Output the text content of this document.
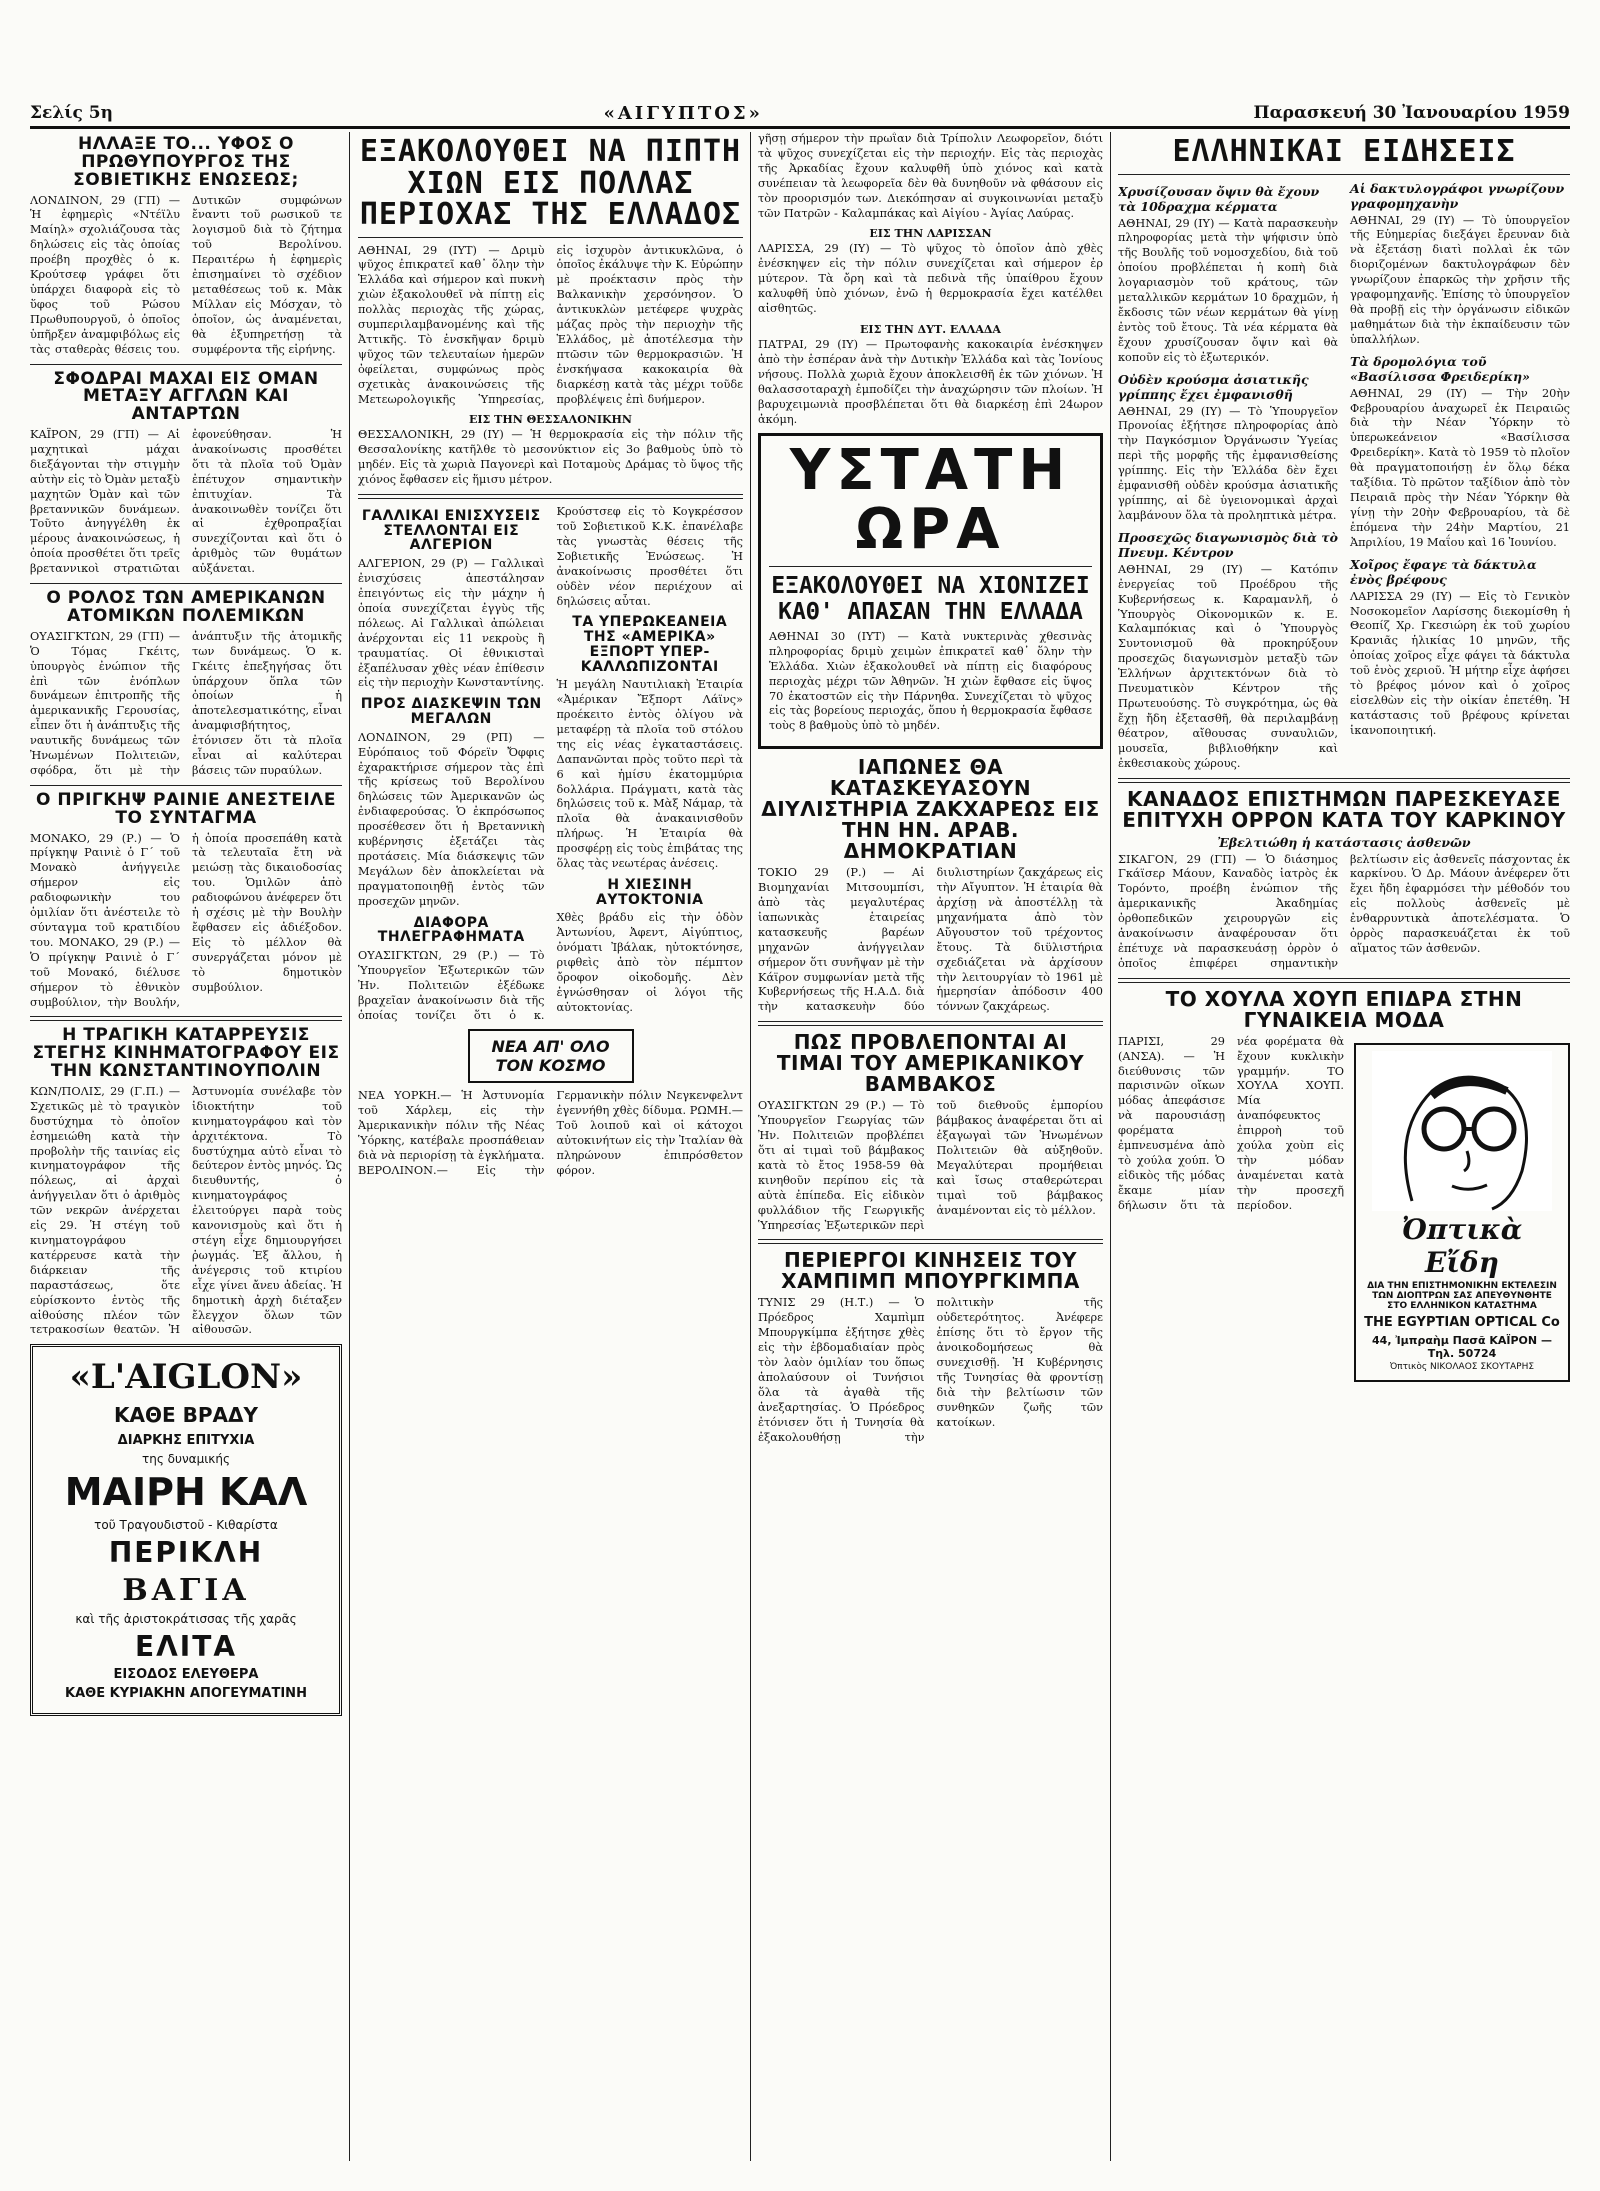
Σελίς 5η	«ΑΙΓΥΠΤΟΣ»	Παρασκευή 30 Ἰανουαρίου 1959
ΗΛΛΑΞΕ ΤΟ... ΥΦΟΣ Ο ΠΡΩΘΥΠΟΥΡΓΟΣ ΤΗΣ ΣΟΒΙΕΤΙΚΗΣ ΕΝΩΣΕΩΣ;
ΛΟΝΔΙΝΟΝ, 29 (ΓΠ) — Ἡ ἐφημερὶς «Ντέϊλυ Μαίηλ» σχολιάζουσα τὰς δηλώσεις εἰς τὰς ὁποίας προέβη προχθὲς ὁ κ. Κρούτσεφ γράφει ὅτι ὑπάρχει διαφορὰ εἰς τὸ ὕφος τοῦ Ρώσου Πρωθυπουργοῦ, ὁ ὁποῖος ὑπῆρξεν ἀναμφιβόλως εἰς τὰς σταθερὰς θέσεις του. Δυτικῶν συμφώνων ἔναντι τοῦ ρωσικοῦ τε λογισμοῦ διὰ τὸ ζήτημα τοῦ Βερολίνου. Περαιτέρω ἡ ἐφημερὶς ἐπισημαίνει τὸ σχέδιον μεταθέσεως τοῦ κ. Μὰκ Μίλλαν εἰς Μόσχαν, τὸ ὁποῖον, ὡς ἀναμένεται, θὰ ἐξυπηρετήσῃ τὰ συμφέροντα τῆς εἰρήνης.
ΣΦΟΔΡΑΙ ΜΑΧΑΙ ΕΙΣ ΟΜΑΝ ΜΕΤΑΞΥ ΑΓΓΛΩΝ ΚΑΙ ΑΝΤΑΡΤΩΝ
ΚΑΪΡΟΝ, 29 (ΓΠ) — Αἱ μαχητικαὶ μάχαι διεξάγονται τὴν στιγμὴν αὐτὴν εἰς τὸ Ὀμὰν μεταξὺ μαχητῶν Ὀμὰν καὶ τῶν βρεταννικῶν δυνάμεων. Τοῦτο ἀνηγγέλθη ἐκ μέρους ἀνακοινώσεως, ἡ ὁποία προσθέτει ὅτι τρεῖς βρεταννικοὶ στρατιῶται ἐφονεύθησαν. Ἡ ἀνακοίνωσις προσθέτει ὅτι τὰ πλοῖα τοῦ Ὀμὰν ἐπέτυχον σημαντικὴν ἐπιτυχίαν. Τὰ ἀνακοινωθὲν τονίζει ὅτι αἱ ἐχθροπραξίαι συνεχίζονται καὶ ὅτι ὁ ἀριθμὸς τῶν θυμάτων αὐξάνεται.
Ο ΡΟΛΟΣ ΤΩΝ ΑΜΕΡΙΚΑΝΩΝ ΑΤΟΜΙΚΩΝ ΠΟΛΕΜΙΚΩΝ
ΟΥΑΣΙΓΚΤΩΝ, 29 (ΓΠ) — Ὁ Τόμας Γκέιτς, ὑπουργὸς ἐνώπιον τῆς ἐπὶ τῶν ἐνόπλων δυνάμεων ἐπιτροπῆς τῆς ἀμερικανικῆς Γερουσίας, εἶπεν ὅτι ἡ ἀνάπτυξις τῆς ναυτικῆς δυνάμεως τῶν Ἠνωμένων Πολιτειῶν, σφόδρα, ὅτι μὲ τὴν ἀνάπτυξιν τῆς ἀτομικῆς των δυνάμεως. Ὁ κ. Γκέιτς ἐπεξηγήσας ὅτι ὑπάρχουν ὅπλα τῶν ὁποίων ἡ ἀποτελεσματικότης, εἶναι ἀναμφισβήτητος, ἐτόνισεν ὅτι τὰ πλοῖα εἶναι αἱ καλύτεραι βάσεις τῶν πυραύλων.
Ο ΠΡΙΓΚΗΨ ΡΑΙΝΙΕ ΑΝΕΣΤΕΙΛΕ ΤΟ ΣΥΝΤΑΓΜΑ
ΜΟΝΑΚΟ, 29 (Ρ.) — Ὁ πρίγκηψ Ραινιὲ ὁ Γ΄ τοῦ Μονακὸ ἀνήγγειλε σήμερον εἰς ραδιοφωνικὴν του ὁμιλίαν ὅτι ἀνέστειλε τὸ σύνταγμα τοῦ κρατιδίου του. ΜΟΝΑΚΟ, 29 (Ρ.) — Ὁ πρίγκηψ Ραινιὲ ὁ Γ΄ τοῦ Μονακό, διέλυσε σήμερον τὸ ἐθνικὸν συμβούλιον, τὴν Βουλήν, ἡ ὁποία προσεπάθη κατὰ τὰ τελευταῖα ἔτη νὰ μειώσῃ τὰς δικαιοδοσίας του. Ὁμιλῶν ἀπὸ ραδιοφώνου ἀνέφερεν ὅτι ἡ σχέσις μὲ τὴν Βουλὴν ἔφθασεν εἰς ἀδιέξοδον. Εἰς τὸ μέλλον θὰ συνεργάζεται μόνον μὲ τὸ δημοτικὸν συμβούλιον.
Η ΤΡΑΓΙΚΗ ΚΑΤΑΡΡΕΥΣΙΣ ΣΤΕΓΗΣ ΚΙΝΗΜΑΤΟΓΡΑΦΟΥ ΕΙΣ ΤΗΝ ΚΩΝΣΤΑΝΤΙΝΟΥΠΟΛΙΝ
ΚΩΝ/ΠΟΛΙΣ, 29 (Γ.Π.) — Σχετικῶς μὲ τὸ τραγικὸν δυστύχημα τὸ ὁποῖον ἐσημειώθη κατὰ τὴν προβολὴν τῆς ταινίας εἰς κινηματογράφον τῆς πόλεως, αἱ ἀρχαὶ ἀνήγγειλαν ὅτι ὁ ἀριθμὸς τῶν νεκρῶν ἀνέρχεται εἰς 29. Ἡ στέγη τοῦ κινηματογράφου κατέρρευσε κατὰ τὴν διάρκειαν τῆς παραστάσεως, ὅτε εὑρίσκοντο ἐντὸς τῆς αἰθούσης πλέον τῶν τετρακοσίων θεατῶν. Ἡ Ἀστυνομία συνέλαβε τὸν ἰδιοκτήτην τοῦ κινηματογράφου καὶ τὸν ἀρχιτέκτονα. Τὸ δυστύχημα αὐτὸ εἶναι τὸ δεύτερον ἐντὸς μηνός. Ὡς διευθυντής, ὁ κινηματογράφος ἐλειτούργει παρὰ τοὺς κανονισμοὺς καὶ ὅτι ἡ στέγη εἶχε δημιουργήσει ῥωγμάς. Ἐξ ἄλλου, ἡ ἀνέγερσις τοῦ κτιρίου εἶχε γίνει ἄνευ ἀδείας. Ἡ δημοτικὴ ἀρχὴ διέταξεν ἔλεγχον ὅλων τῶν αἰθουσῶν.
«L'AIGLON»
ΚΑΘΕ ΒΡΑΔΥ
ΔΙΑΡΚΗΣ ΕΠΙΤΥΧΙΑ
της δυναμικής
ΜΑΙΡΗ ΚΑΛ
τοῦ Τραγουδιστοῦ - Κιθαρίστα
ΠΕΡΙΚΛΗ
ΒΑΓΙΑ
καὶ τῆς ἀριστοκράτισσας τῆς χαρᾶς
ΕΛΙΤΑ
ΕΙΣΟΔΟΣ ΕΛΕΥΘΕΡΑ
ΚΑΘΕ ΚΥΡΙΑΚΗΝ ΑΠΟΓΕΥΜΑΤΙΝΗ
ΕΞΑΚΟΛΟΥΘΕΙ ΝΑ ΠΙΠΤΗ ΧΙΩΝ ΕΙΣ ΠΟΛΛΑΣ ΠΕΡΙΟΧΑΣ ΤΗΣ ΕΛΛΑΔΟΣ
ΑΘΗΝΑΙ, 29 (ΙΥΤ) — Δριμὺ ψῦχος ἐπικρατεῖ καθ᾿ ὅλην τὴν Ἑλλάδα καὶ σήμερον καὶ πυκνὴ χιὼν ἐξακολουθεῖ νὰ πίπτῃ εἰς πολλὰς περιοχὰς τῆς χώρας, συμπεριλαμβανομένης καὶ τῆς Ἀττικῆς. Τὸ ἐνσκῆψαν δριμὺ ψῦχος τῶν τελευταίων ἡμερῶν ὀφείλεται, συμφώνως πρὸς σχετικὰς ἀνακοινώσεις τῆς Μετεωρολογικῆς Ὑπηρεσίας, εἰς ἰσχυρὸν ἀντικυκλῶνα, ὁ ὁποῖος ἐκάλυψε τὴν Κ. Εὐρώπην μὲ προέκτασιν πρὸς τὴν Βαλκανικὴν χερσόνησον. Ὁ ἀντικυκλὼν μετέφερε ψυχρὰς μάζας πρὸς τὴν περιοχὴν τῆς Ἑλλάδος, μὲ ἀποτέλεσμα τὴν πτῶσιν τῶν θερμοκρασιῶν. Ἡ ἐνσκήψασα κακοκαιρία θὰ διαρκέσῃ κατὰ τὰς μέχρι τοῦδε προβλέψεις ἐπὶ δυήμερον.
ΕΙΣ ΤΗΝ ΘΕΣΣΑΛΟΝΙΚΗΝ
ΘΕΣΣΑΛΟΝΙΚΗ, 29 (ΙΥ) — Ἡ θερμοκρασία εἰς τὴν πόλιν τῆς Θεσσαλονίκης κατῆλθε τὸ μεσονύκτιον εἰς 3ο βαθμοὺς ὑπὸ τὸ μηδέν. Εἰς τὰ χωριὰ Παγονερὶ καὶ Ποταμοὺς Δράμας τὸ ὕψος τῆς χιόνος ἔφθασεν εἰς ἥμισυ μέτρον.
ΓΑΛΛΙΚΑΙ ΕΝΙΣΧΥΣΕΙΣ ΣΤΕΛΛΟΝΤΑΙ ΕΙΣ ΑΛΓΕΡΙΟΝ
ΑΛΓΕΡΙΟΝ, 29 (Ρ) — Γαλλικαὶ ἐνισχύσεις ἀπεστάλησαν ἐπειγόντως εἰς τὴν μάχην ἡ ὁποία συνεχίζεται ἐγγὺς τῆς πόλεως. Αἱ Γαλλικαὶ ἀπώλειαι ἀνέρχονται εἰς 11 νεκροὺς ἢ τραυματίας. Οἱ ἐθνικισταὶ ἐξαπέλυσαν χθὲς νέαν ἐπίθεσιν εἰς τὴν περιοχὴν Κωνσταντίνης.
ΠΡΟΣ ΔΙΑΣΚΕΨΙΝ ΤΩΝ ΜΕΓΑΛΩΝ
ΛΟΝΔΙΝΟΝ, 29 (ΡΠ) — Εὐρόπαιος τοῦ Φόρεϊν Ὄφφις ἐχαρακτήρισε σήμερον τὰς ἐπὶ τῆς κρίσεως τοῦ Βερολίνου δηλώσεις τῶν Ἀμερικανῶν ὡς ἐνδιαφερούσας. Ὁ ἐκπρόσωπος προσέθεσεν ὅτι ἡ Βρεταννικὴ κυβέρνησις ἐξετάζει τὰς προτάσεις. Μία διάσκεψις τῶν Μεγάλων δὲν ἀποκλείεται νὰ πραγματοποιηθῇ ἐντὸς τῶν προσεχῶν μηνῶν.
ΔΙΑΦΟΡΑ ΤΗΛΕΓΡΑΦΗΜΑΤΑ
ΟΥΑΣΙΓΚΤΩΝ, 29 (Ρ.) — Τὸ Ὑπουργεῖον Ἐξωτερικῶν τῶν Ἠν. Πολιτειῶν ἐξέδωκε βραχεῖαν ἀνακοίνωσιν διὰ τῆς ὁποίας τονίζει ὅτι ὁ κ. Κρούστσεφ εἰς τὸ Κογκρέσσον τοῦ Σοβιετικοῦ Κ.Κ. ἐπανέλαβε τὰς γνωστὰς θέσεις τῆς Σοβιετικῆς Ἐνώσεως. Ἡ ἀνακοίνωσις προσθέτει ὅτι οὐδὲν νέον περιέχουν αἱ δηλώσεις αὗται.
ΤΑ ΥΠΕΡΩΚΕΑΝΕΙΑ ΤΗΣ «ΑΜΕΡΙΚΑ» ΕΞΠΟΡΤ ΥΠΕΡ-ΚΑΛΛΩΠΙΖΟΝΤΑΙ
Ἡ μεγάλη Ναυτιλιακὴ Ἑταιρία «Ἀμέρικαν Ἔξπορτ Λάϊνς» προέκειτο ἐντὸς ὀλίγου νὰ μεταφέρῃ τὰ πλοῖα τοῦ στόλου της εἰς νέας ἐγκαταστάσεις. Δαπανῶνται πρὸς τοῦτο περὶ τὰ 6 καὶ ἡμίσυ ἑκατομμύρια δολλάρια. Πράγματι, κατὰ τὰς δηλώσεις τοῦ κ. Μὰξ Νάμαρ, τὰ πλοῖα θὰ ἀνακαινισθοῦν πλήρως. Ἡ Ἑταιρία θὰ προσφέρῃ εἰς τοὺς ἐπιβάτας της ὅλας τὰς νεωτέρας ἀνέσεις.
Η ΧΙΕΣΙΝΗ ΑΥΤΟΚΤΟΝΙΑ
Χθὲς βράδυ εἰς τὴν ὁδὸν Ἀντωνίου, Ἀφεντ, Αἰγύπτιος, ὀνόματι Ἰβάλακ, ηὐτοκτόνησε, ριφθεὶς ἀπὸ τὸν πέμπτον ὄροφον οἰκοδομῆς. Δὲν ἐγνώσθησαν οἱ λόγοι τῆς αὐτοκτονίας.
ΝΕΑ ΑΠ' ΟΛΟ ΤΟΝ ΚΟΣΜΟ
ΝΕΑ ΥΟΡΚΗ.— Ἡ Ἀστυνομία τοῦ Χάρλεμ, εἰς τὴν Ἀμερικανικὴν πόλιν τῆς Νέας Ὑόρκης, κατέβαλε προσπάθειαν διὰ νὰ περιορίσῃ τὰ ἐγκλήματα. ΒΕΡΟΛΙΝΟΝ.— Εἰς τὴν Γερμανικὴν πόλιν Νεγκενφελντ ἐγεννήθη χθὲς δίδυμα. ΡΩΜΗ.— Τοῦ λοιποῦ καὶ οἱ κάτοχοι αὐτοκινήτων εἰς τὴν Ἰταλίαν θὰ πληρώνουν ἐπιπρόσθετον φόρον.
γῆσῃ σήμερον τὴν πρωΐαν διὰ Τρίπολιν Λεωφορεῖον, διότι τὰ ψῦχος συνεχίζεται εἰς τὴν περιοχήν. Εἰς τὰς περιοχὰς τῆς Ἀρκαδίας ἔχουν καλυφθῆ ὑπὸ χιόνος καὶ κατὰ συνέπειαν τὰ λεωφορεῖα δὲν θὰ δυνηθοῦν νὰ φθάσουν εἰς τὸν προορισμόν των. Διεκόπησαν αἱ συγκοινωνίαι μεταξὺ τῶν Πατρῶν - Καλαμπάκας καὶ Αἰγίου - Ἀγίας Λαύρας.
ΕΙΣ ΤΗΝ ΛΑΡΙΣΣΑΝ
ΛΑΡΙΣΣΑ, 29 (ΙΥ) — Τὸ ψῦχος τὸ ὁποῖον ἀπὸ χθὲς ἐνέσκηψεν εἰς τὴν πόλιν συνεχίζεται καὶ σήμερον ἐρ μύτερον. Τὰ ὄρη καὶ τὰ πεδινὰ τῆς ὑπαίθρου ἔχουν καλυφθῆ ὑπὸ χιόνων, ἐνῶ ἡ θερμοκρασία ἔχει κατέλθει αἰσθητῶς.
ΕΙΣ ΤΗΝ ΔΥΤ. ΕΛΛΑΔΑ
ΠΑΤΡΑΙ, 29 (ΙΥ) — Πρωτοφανὴς κακοκαιρία ἐνέσκηψεν ἀπὸ τὴν ἑσπέραν ἀνὰ τὴν Δυτικὴν Ἑλλάδα καὶ τὰς Ἰονίους νήσους. Πολλὰ χωριὰ ἔχουν ἀποκλεισθῆ ἐκ τῶν χιόνων. Ἡ θαλασσοταραχὴ ἐμποδίζει τὴν ἀναχώρησιν τῶν πλοίων. Ἡ βαρυχειμωνιὰ προσβλέπεται ὅτι θὰ διαρκέσῃ ἐπὶ 24ωρον ἀκόμη.
ΥΣΤΑΤΗ ΩΡΑ
ΕΞΑΚΟΛΟΥΘΕΙ ΝΑ ΧΙΟΝΙΖΕΙ ΚΑΘ' ΑΠΑΣΑΝ ΤΗΝ ΕΛΛΑΔΑ
ΑΘΗΝΑΙ 30 (ΙΥΤ) — Κατὰ νυκτερινὰς χθεσινὰς πληροφορίας δριμὺ χειμὼν ἐπικρατεῖ καθ᾿ ὅλην τὴν Ἑλλάδα. Χιὼν ἐξακολουθεῖ νὰ πίπτῃ εἰς διαφόρους περιοχὰς μέχρι τῶν Ἀθηνῶν. Ἡ χιὼν ἔφθασε εἰς ὕψος 70 ἑκατοστῶν εἰς τὴν Πάρνηθα. Συνεχίζεται τὸ ψῦχος εἰς τὰς βορείους περιοχάς, ὅπου ἡ θερμοκρασία ἔφθασε τοὺς 8 βαθμοὺς ὑπὸ τὸ μηδέν.
ΙΑΠΩΝΕΣ ΘΑ ΚΑΤΑΣΚΕΥΑΣΟΥΝ ΔΙΥΛΙΣΤΗΡΙΑ ΖΑΚΧΑΡΕΩΣ ΕΙΣ ΤΗΝ ΗΝ. ΑΡΑΒ. ΔΗΜΟΚΡΑΤΙΑΝ
ΤΟΚΙΟ 29 (Ρ.) — Αἱ Βιομηχανίαι Μιτσουμπίσι, ἀπὸ τὰς μεγαλυτέρας ἰαπωνικὰς ἑταιρείας κατασκευῆς βαρέων μηχανῶν ἀνήγγειλαν σήμερον ὅτι συνῆψαν μὲ τὴν Κάϊρον συμφωνίαν μετὰ τῆς Κυβερνήσεως τῆς Η.Α.Δ. διὰ τὴν κατασκευὴν δύο διυλιστηρίων ζακχάρεως εἰς τὴν Αἴγυπτον. Ἡ ἑταιρία θὰ ἀρχίσῃ νὰ ἀποστέλλῃ τὰ μηχανήματα ἀπὸ τὸν Αὔγουστον τοῦ τρέχοντος ἔτους. Τὰ διϋλιστήρια σχεδιάζεται νὰ ἀρχίσουν τὴν λειτουργίαν τὸ 1961 μὲ ἡμερησίαν ἀπόδοσιν 400 τόννων ζακχάρεως.
ΠΩΣ ΠΡΟΒΛΕΠΟΝΤΑΙ ΑΙ ΤΙΜΑΙ ΤΟΥ ΑΜΕΡΙΚΑΝΙΚΟΥ ΒΑΜΒΑΚΟΣ
ΟΥΑΣΙΓΚΤΩΝ 29 (Ρ.) — Τὸ Ὑπουργεῖον Γεωργίας τῶν Ἠν. Πολιτειῶν προβλέπει ὅτι αἱ τιμαὶ τοῦ βάμβακος κατὰ τὸ ἔτος 1958-59 θὰ κινηθοῦν περίπου εἰς τὰ αὐτὰ ἐπίπεδα. Εἰς εἰδικὸν φυλλάδιον τῆς Γεωργικῆς Ὑπηρεσίας Ἐξωτερικῶν περὶ τοῦ διεθνοῦς ἐμπορίου βάμβακος ἀναφέρεται ὅτι αἱ ἐξαγωγαὶ τῶν Ἠνωμένων Πολιτειῶν θὰ αὐξηθοῦν. Μεγαλύτεραι προμήθειαι καὶ ἴσως σταθερώτεραι τιμαὶ τοῦ βάμβακος ἀναμένονται εἰς τὸ μέλλον.
ΠΕΡΙΕΡΓΟΙ ΚΙΝΗΣΕΙΣ ΤΟΥ ΧΑΜΠΙΜΠ ΜΠΟΥΡΓΚΙΜΠΑ
ΤΥΝΙΣ 29 (Η.Τ.) — Ὁ Πρόεδρος Χαμπὶμπ Μπουργκίμπα ἐξήτησε χθὲς εἰς τὴν ἑβδομαδιαίαν πρὸς τὸν λαὸν ὁμιλίαν του ὅπως ἀπολαύσουν οἱ Τυνήσιοι ὅλα τὰ ἀγαθὰ τῆς ἀνεξαρτησίας. Ὁ Πρόεδρος ἐτόνισεν ὅτι ἡ Τυνησία θὰ ἐξακολουθήσῃ τὴν πολιτικὴν τῆς οὐδετερότητος. Ἀνέφερε ἐπίσης ὅτι τὸ ἔργον τῆς ἀνοικοδομήσεως θὰ συνεχισθῇ. Ἡ Κυβέρνησις τῆς Τυνησίας θὰ φροντίσῃ διὰ τὴν βελτίωσιν τῶν συνθηκῶν ζωῆς τῶν κατοίκων.
ΕΛΛΗΝΙΚΑΙ ΕΙΔΗΣΕΙΣ
Χρυσίζουσαν ὄψιν θὰ ἔχουν τὰ 10δραχμα κέρματα
ΑΘΗΝΑΙ, 29 (ΙΥ) — Κατὰ παρασκευὴν πληροφορίας μετὰ τὴν ψήφισιν ὑπὸ τῆς Βουλῆς τοῦ νομοσχεδίου, διὰ τοῦ ὁποίου προβλέπεται ἡ κοπὴ διὰ λογαριασμὸν τοῦ κράτους, τῶν μεταλλικῶν κερμάτων 10 δραχμῶν, ἡ ἔκδοσις τῶν νέων κερμάτων θὰ γίνῃ ἐντὸς τοῦ ἔτους. Τὰ νέα κέρματα θὰ ἔχουν χρυσίζουσαν ὄψιν καὶ θὰ κοποῦν εἰς τὸ ἐξωτερικόν.
Οὐδὲν κρούσμα ἀσιατικῆς γρίππης ἔχει ἐμφανισθῆ
ΑΘΗΝΑΙ, 29 (ΙΥ) — Τὸ Ὑπουργεῖον Προνοίας ἐξήτησε πληροφορίας ἀπὸ τὴν Παγκόσμιον Ὀργάνωσιν Ὑγείας περὶ τῆς μορφῆς τῆς ἐμφανισθείσης γρίππης. Εἰς τὴν Ἑλλάδα δὲν ἔχει ἐμφανισθῆ οὐδὲν κρούσμα ἀσιατικῆς γρίππης, αἱ δὲ ὑγειονομικαὶ ἀρχαὶ λαμβάνουν ὅλα τὰ προληπτικὰ μέτρα.
Προσεχῶς διαγωνισμὸς διὰ τὸ Πνευμ. Κέντρον
ΑΘΗΝΑΙ, 29 (ΙΥ) — Κατόπιν ἐνεργείας τοῦ Προέδρου τῆς Κυβερνήσεως κ. Καραμανλῆ, ὁ Ὑπουργὸς Οἰκονομικῶν κ. Ε. Καλαμπόκιας καὶ ὁ Ὑπουργὸς Συντονισμοῦ θὰ προκηρύξουν προσεχῶς διαγωνισμὸν μεταξὺ τῶν Ἑλλήνων ἀρχιτεκτόνων διὰ τὸ Πνευματικὸν Κέντρον τῆς Πρωτευούσης. Τὸ συγκρότημα, ὡς θὰ ἔχῃ ἤδη ἐξετασθῆ, θὰ περιλαμβάνῃ θέατρον, αἴθουσας συναυλιῶν, μουσεῖα, βιβλιοθήκην καὶ ἐκθεσιακοὺς χώρους.
Αἱ δακτυλογράφοι γνωρίζουν γραφομηχανὴν
ΑΘΗΝΑΙ, 29 (ΙΥ) — Τὸ ὑπουργεῖον τῆς Εὐημερίας διεξάγει ἔρευναν διὰ νὰ ἐξετάσῃ διατὶ πολλαὶ ἐκ τῶν διοριζομένων δακτυλογράφων δὲν γνωρίζουν ἐπαρκῶς τὴν χρῆσιν τῆς γραφομηχανῆς. Ἐπίσης τὸ ὑπουργεῖον θὰ προβῇ εἰς τὴν ὀργάνωσιν εἰδικῶν μαθημάτων διὰ τὴν ἐκπαίδευσιν τῶν ὑπαλλήλων.
Τὰ δρομολόγια τοῦ «Βασίλισσα Φρειδερίκη»
ΑΘΗΝΑΙ, 29 (ΙΥ) — Τὴν 20ὴν Φεβρουαρίου ἀναχωρεῖ ἐκ Πειραιῶς διὰ τὴν Νέαν Ὑόρκην τὸ ὑπερωκεάνειον «Βασίλισσα Φρειδερίκη». Κατὰ τὸ 1959 τὸ πλοῖον θὰ πραγματοποιήσῃ ἐν ὅλῳ δέκα ταξίδια. Τὸ πρῶτον ταξίδιον ἀπὸ τὸν Πειραιᾶ πρὸς τὴν Νέαν Ὑόρκην θὰ γίνῃ τὴν 20ὴν Φεβρουαρίου, τὰ δὲ ἑπόμενα τὴν 24ὴν Μαρτίου, 21 Ἀπριλίου, 19 Μαΐου καὶ 16 Ἰουνίου.
Χοῖρος ἔφαγε τὰ δάκτυλα ἐνὸς βρέφους
ΛΑΡΙΣΣΑ 29 (ΙΥ) — Εἰς τὸ Γενικὸν Νοσοκομεῖον Λαρίσσης διεκομίσθη ἡ Θεοπίζ Χρ. Γκεσιώρη ἐκ τοῦ χωρίου Κρανιᾶς ἡλικίας 10 μηνῶν, τῆς ὁποίας χοῖρος εἶχε φάγει τὰ δάκτυλα τοῦ ἑνὸς χεριοῦ. Ἡ μήτηρ εἶχε ἀφήσει τὸ βρέφος μόνον καὶ ὁ χοῖρος εἰσελθὼν εἰς τὴν οἰκίαν ἐπετέθη. Ἡ κατάστασις τοῦ βρέφους κρίνεται ἱκανοποιητική.
ΚΑΝΑΔΟΣ ΕΠΙΣΤΗΜΩΝ ΠΑΡΕΣΚΕΥΑΣΕ ΕΠΙΤΥΧΗ ΟΡΡΟΝ ΚΑΤΑ ΤΟΥ ΚΑΡΚΙΝΟΥ
Ἐβελτιώθη ἡ κατάστασις ἀσθενῶν
ΣΙΚΑΓΟΝ, 29 (ΓΠ) — Ὁ διάσημος Γκάϊσερ Μάουν, Καναδὸς ἰατρὸς ἐκ Τορόντο, προέβη ἐνώπιον τῆς ἀμερικανικῆς Ἀκαδημίας ὀρθοπεδικῶν χειρουργῶν εἰς ἀνακοίνωσιν ἀναφέρουσαν ὅτι ἐπέτυχε νὰ παρασκευάσῃ ὀρρὸν ὁ ὁποῖος ἐπιφέρει σημαντικὴν βελτίωσιν εἰς ἀσθενεῖς πάσχοντας ἐκ καρκίνου. Ὁ Δρ. Μάουν ἀνέφερεν ὅτι ἔχει ἤδη ἐφαρμόσει τὴν μέθοδόν του εἰς πολλοὺς ἀσθενεῖς μὲ ἐνθαρρυντικὰ ἀποτελέσματα. Ὁ ὀρρὸς παρασκευάζεται ἐκ τοῦ αἵματος τῶν ἀσθενῶν.
ΤΟ ΧΟΥΛΑ ΧΟΥΠ ΕΠΙΔΡΑ ΣΤΗΝ ΓΥΝΑΙΚΕΙΑ ΜΟΔΑ
ΠΑΡΙΣΙ, 29 (ΑΝΣΑ). — Ἡ διεύθυνσις τῶν παρισινῶν οἴκων μόδας ἀπεφάσισε νὰ παρουσιάσῃ φορέματα ἐμπνευσμένα ἀπὸ τὸ χούλα χούπ. Ὁ εἰδικὸς τῆς μόδας ἔκαμε μίαν δήλωσιν ὅτι τὰ νέα φορέματα θὰ ἔχουν κυκλικὴν γραμμήν. ΤΟ ΧΟΥΛΑ ΧΟΥΠ. Μία ἀναπόφευκτος ἐπιρροὴ τοῦ χούλα χοὺπ εἰς τὴν μόδαν ἀναμένεται κατὰ τὴν προσεχῆ περίοδον.
Ὀπτικὰ Εἴδη
ΔΙΑ ΤΗΝ ΕΠΙΣΤΗΜΟΝΙΚΗΝ ΕΚΤΕΛΕΣΙΝ ΤΩΝ ΔΙΟΠΤΡΩΝ ΣΑΣ ΑΠΕΥΘΥΝΘΗΤΕ ΣΤΟ ΕΛΛΗΝΙΚΟΝ ΚΑΤΑΣΤΗΜΑ
THE EGYPTIAN OPTICAL Co
44, Ἰμπραὴμ Πασᾶ ΚΑΪΡΟΝ — Τηλ. 50724
Ὀπτικὸς ΝΙΚΟΛΑΟΣ ΣΚΟΥΤΑΡΗΣ
